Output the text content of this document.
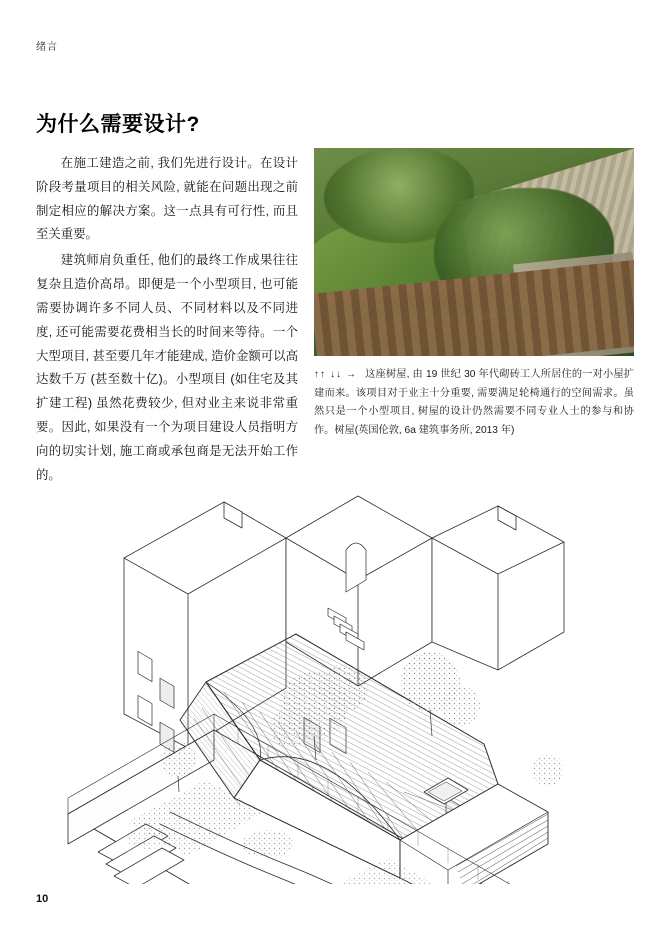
绪言
为什么需要设计?

在施工建造之前, 我们先进行设计。在设计阶段考量项目的相关风险, 就能在问题出现之前制定相应的解决方案。这一点具有可行性, 而且至关重要。

建筑师肩负重任, 他们的最终工作成果往往复杂且造价高昂。即便是一个小型项目, 也可能需要协调许多不同人员、不同材料以及不同进度, 还可能需要花费相当长的时间来等待。一个大型项目, 甚至要几年才能建成, 造价金额可以高达数千万 (甚至数十亿)。小型项目 (如住宅及其扩建工程) 虽然花费较少, 但对业主来说非常重要。因此, 如果没有一个为项目建设人员指明方向的切实计划, 施工商或承包商是无法开始工作的。

↑↑ ↓↓ → 这座树屋, 由 19 世纪 30 年代砌砖工人所居住的一对小屋扩建而来。该项目对于业主十分重要, 需要满足轮椅通行的空间需求。虽然只是一个小型项目, 树屋的设计仍然需要不同专业人士的参与和协作。树屋(英国伦敦, 6a 建筑事务所, 2013 年)
10
